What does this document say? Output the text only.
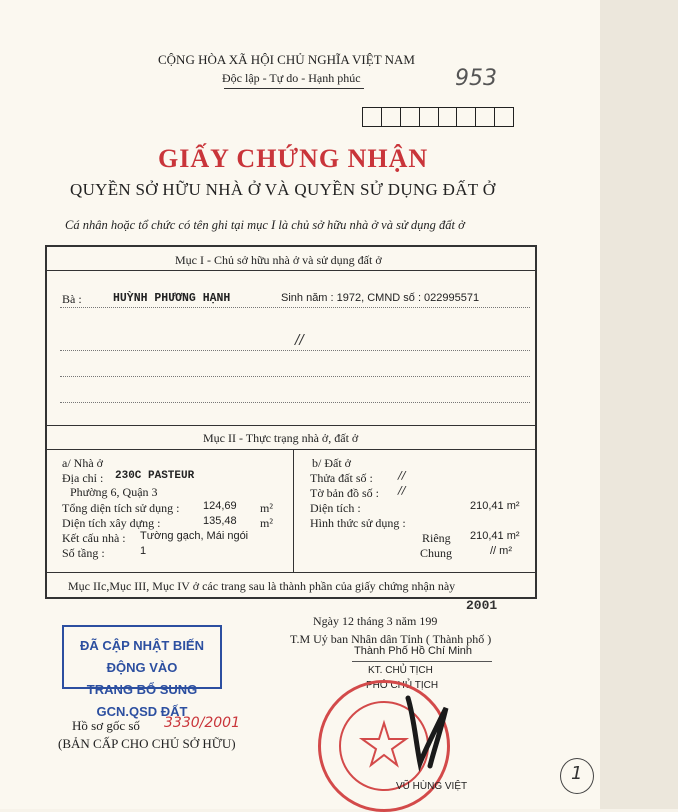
CỘNG HÒA XÃ HỘI CHỦ NGHĨA VIỆT NAM
Độc lập - Tự do - Hạnh phúc	953
GIẤY CHỨNG NHẬN
QUYỀN SỞ HỮU NHÀ Ở VÀ QUYỀN SỬ DỤNG ĐẤT Ở
Cá nhân hoặc tổ chức có tên ghi tại mục I là chủ sở hữu nhà ở và sử dụng đất ở
Mục I - Chủ sở hữu nhà ở và sử dụng đất ở
Bà :	HUỲNH PHƯƠNG HẠNH	Sinh năm : 1972, CMND số : 022995571
//
Mục II - Thực trạng nhà ở, đất ở
a/ Nhà ở
Địa chỉ : 230C PASTEUR
Phường 6, Quận 3
Tổng diện tích sử dụng : 124,69 m²
Diện tích xây dựng :	135,48 m²
Kết cấu nhà : Tường gạch, Mái ngói
Số tầng :	1
b/ Đất ở
Thửa đất số : //
Tờ bản đồ số : //
Diện tích :	210,41 m²
Hình thức sử dụng :
Riêng 210,41 m²
Chung	// m²
Mục IIc,Mục III, Mục IV ở các trang sau là thành phần của giấy chứng nhận này
2001
Ngày 12 tháng 3 năm 199
T.M Uỷ ban Nhân dân Tỉnh ( Thành phố )
Thành Phố Hồ Chí Minh
KT. CHỦ TỊCH
PHÓ CHỦ TỊCH
VŨ HÙNG VIỆT
ĐÃ CẬP NHẬT BIẾN ĐỘNG VÀO
TRANG BỔ SUNG GCN.QSD ĐẤT
Hồ sơ gốc số 3330/2001
(BẢN CẤP CHO CHỦ SỞ HỮU)
1
